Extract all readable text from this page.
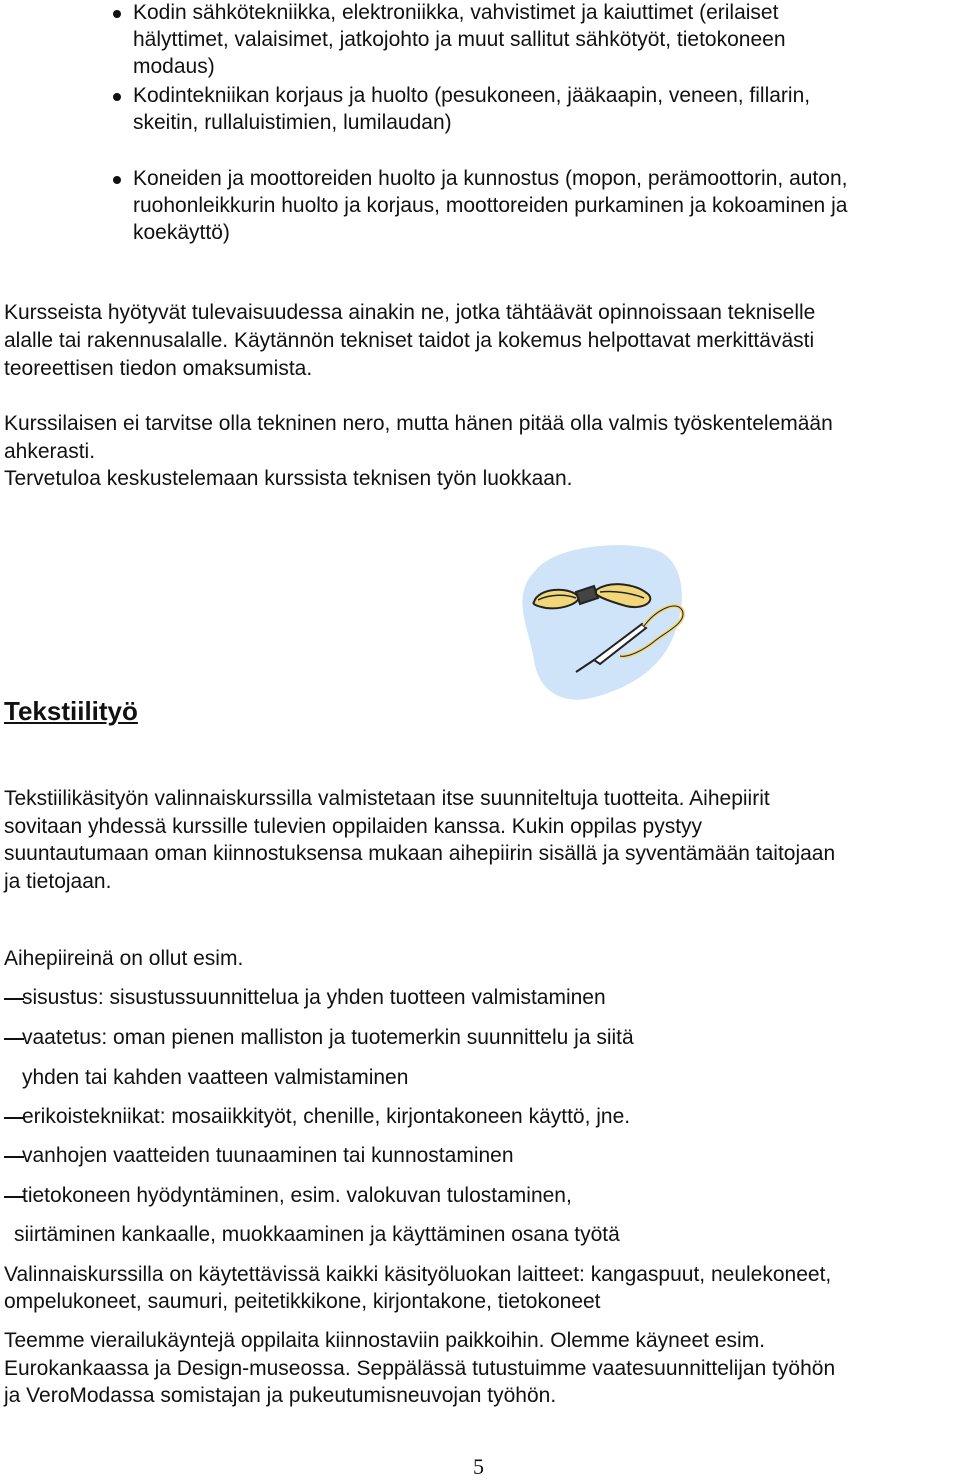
Kodin sähkötekniikka, elektroniikka, vahvistimet ja kaiuttimet (erilaiset
hälyttimet, valaisimet, jatkojohto ja muut sallitut sähkötyöt, tietokoneen
modaus)
Kodintekniikan korjaus ja huolto (pesukoneen, jääkaapin, veneen, fillarin,
skeitin, rullaluistimien, lumilaudan)
Koneiden ja moottoreiden huolto ja kunnostus (mopon, perämoottorin, auton,
ruohonleikkurin huolto ja korjaus, moottoreiden purkaminen ja kokoaminen ja
koekäyttö)
Kursseista hyötyvät tulevaisuudessa ainakin ne, jotka tähtäävät opinnoissaan tekniselle
alalle tai rakennusalalle. Käytännön tekniset taidot ja kokemus helpottavat merkittävästi
teoreettisen tiedon omaksumista.
Kurssilaisen ei tarvitse olla tekninen nero, mutta hänen pitää olla valmis työskentelemään
ahkerasti.
Tervetuloa keskustelemaan kurssista teknisen työn luokkaan.
Tekstiilityö
Tekstiilikäsityön valinnaiskurssilla valmistetaan itse suunniteltuja tuotteita. Aihepiirit
sovitaan yhdessä kurssille tulevien oppilaiden kanssa. Kukin oppilas pystyy
suuntautumaan oman kiinnostuksensa mukaan aihepiirin sisällä ja syventämään taitojaan
ja tietojaan.
Aihepiireinä on ollut esim.
sisustus: sisustussuunnittelua ja yhden tuotteen valmistaminen
vaatetus: oman pienen malliston ja tuotemerkin suunnittelu ja siitä
yhden tai kahden vaatteen valmistaminen
erikoistekniikat: mosaiikkityöt, chenille, kirjontakoneen käyttö, jne.
vanhojen vaatteiden tuunaaminen tai kunnostaminen
tietokoneen hyödyntäminen, esim. valokuvan tulostaminen,
siirtäminen kankaalle, muokkaaminen ja käyttäminen osana työtä
Valinnaiskurssilla on käytettävissä kaikki käsityöluokan laitteet: kangaspuut, neulekoneet,
ompelukoneet, saumuri, peitetikkikone, kirjontakone, tietokoneet
Teemme vierailukäyntejä oppilaita kiinnostaviin paikkoihin. Olemme käyneet esim.
Eurokankaassa ja Design-museossa. Seppälässä tutustuimme vaatesuunnittelijan työhön
ja VeroModassa somistajan ja pukeutumisneuvojan työhön.
5
